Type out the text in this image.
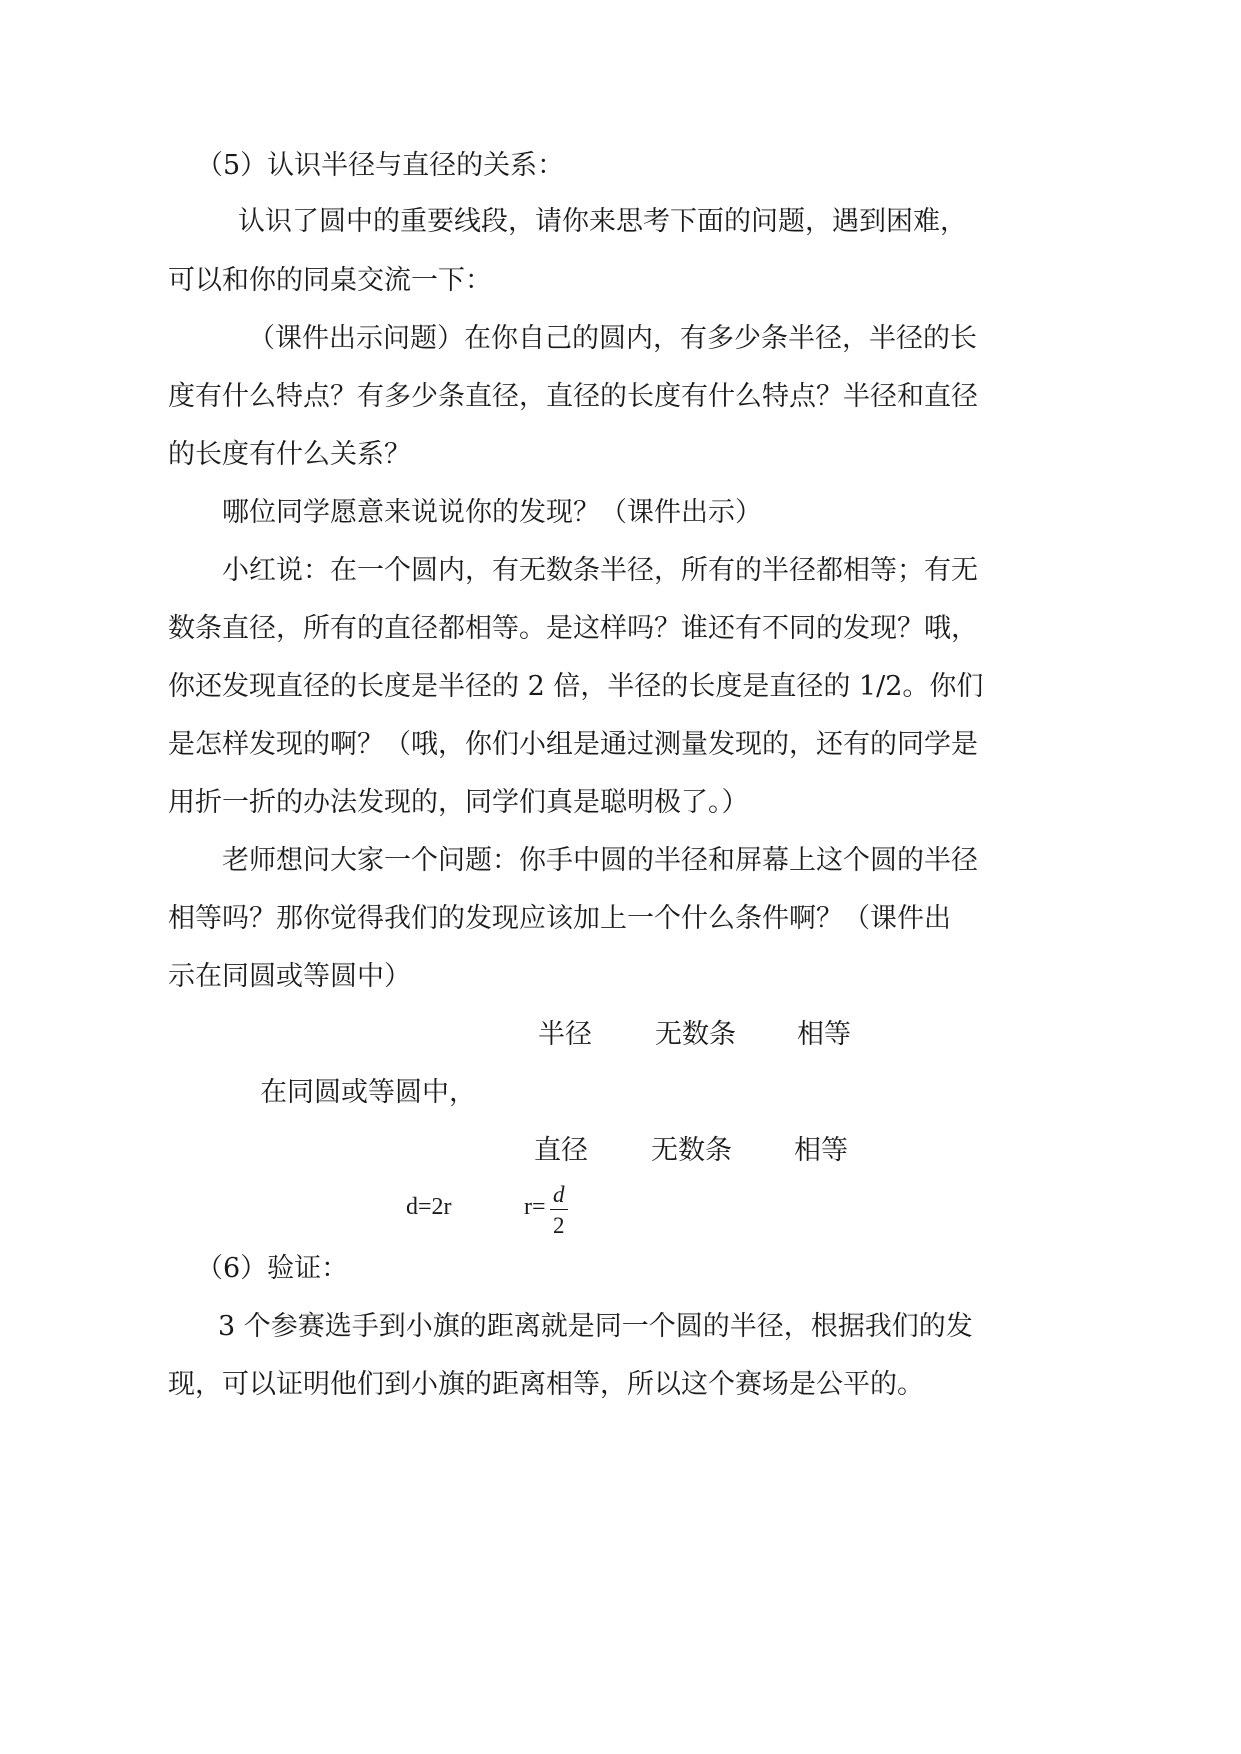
（5）认识半径与直径的关系：
认识了圆中的重要线段，请你来思考下面的问题，遇到困难，
可以和你的同桌交流一下：
（课件出示问题）在你自己的圆内，有多少条半径，半径的长
度有什么特点？有多少条直径，直径的长度有什么特点？半径和直径
的长度有什么关系？
哪位同学愿意来说说你的发现？（课件出示）
小红说：在一个圆内，有无数条半径，所有的半径都相等；有无
数条直径，所有的直径都相等。是这样吗？谁还有不同的发现？哦，
你还发现直径的长度是半径的 2 倍，半径的长度是直径的 1/2。你们
是怎样发现的啊？（哦，你们小组是通过测量发现的，还有的同学是
用折一折的办法发现的，同学们真是聪明极了。）
老师想问大家一个问题：你手中圆的半径和屏幕上这个圆的半径
相等吗？那你觉得我们的发现应该加上一个什么条件啊？（课件出
示在同圆或等圆中）
半径 无数条 相等
在同圆或等圆中，
直径 无数条 相等
d=2r	r= d
2
（6）验证：
3 个参赛选手到小旗的距离就是同一个圆的半径，根据我们的发
现，可以证明他们到小旗的距离相等，所以这个赛场是公平的。
